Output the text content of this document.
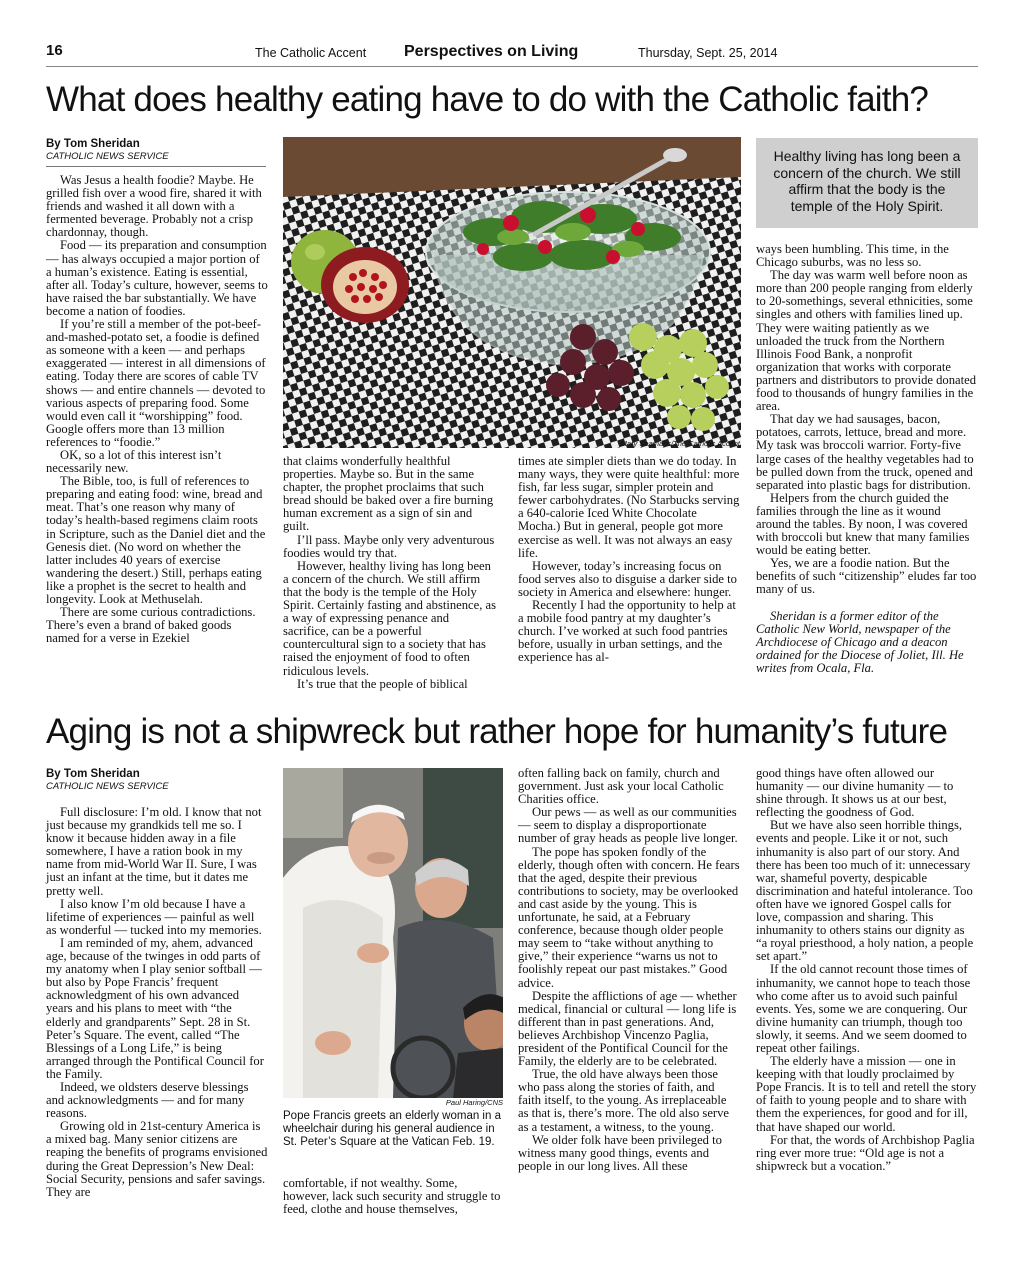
16	The Catholic Accent Perspectives on Living	Thursday, Sept. 25, 2014
What does healthy eating have to do with the Catholic faith?
By Tom Sheridan
CATHOLIC NEWS SERVICE

Was Jesus a health foodie? Maybe. He grilled fish over a wood fire, shared it with friends and washed it all down with a fermented beverage. Probably not a crisp chardonnay, though.

Food — its preparation and consumption — has always occupied a major portion of a human’s existence. Eating is essential, after all. Today’s culture, however, seems to have raised the bar substantially. We have become a nation of foodies.

If you’re still a member of the pot-beef-and-mashed-potato set, a foodie is defined as someone with a keen — and perhaps exaggerated — interest in all dimensions of eating. Today there are scores of cable TV shows — and entire channels — devoted to various aspects of preparing food. Some would even call it “worshipping” food. Google offers more than 13 million references to “foodie.”

OK, so a lot of this interest isn’t necessarily new.

The Bible, too, is full of references to preparing and eating food: wine, bread and meat. That’s one reason why many of today’s health-based regimens claim roots in Scripture, such as the Daniel diet and the Genesis diet. (No word on whether the latter includes 40 years of exercise wandering the desert.) Still, perhaps eating like a prophet is the secret to health and longevity. Look at Methuselah.

There are some curious contradictions. There’s even a brand of baked goods named for a verse in Ezekiel

Mary Seamans/The Catholic Accent

that claims wonderfully healthful properties. Maybe so. But in the same chapter, the prophet proclaims that such bread should be baked over a fire burning human excrement as a sign of sin and guilt.

I’ll pass. Maybe only very adventurous foodies would try that.

However, healthy living has long been a concern of the church. We still affirm that the body is the temple of the Holy Spirit. Certainly fasting and abstinence, as a way of expressing penance and sacrifice, can be a powerful countercultural sign to a society that has raised the enjoyment of food to often ridiculous levels.

It’s true that the people of biblical

times ate simpler diets than we do today. In many ways, they were quite healthful: more fish, far less sugar, simpler protein and fewer carbohydrates. (No Starbucks serving a 640-calorie Iced White Chocolate Mocha.) But in general, people got more exercise as well. It was not always an easy life.

However, today’s increasing focus on food serves also to disguise a darker side to society in America and elsewhere: hunger.

Recently I had the opportunity to help at a mobile food pantry at my daughter’s church. I’ve worked at such food pantries before, usually in urban settings, and the experience has al-

Healthy living has long been a concern of the church. We still affirm that the body is the temple of the Holy Spirit.

ways been humbling. This time, in the Chicago suburbs, was no less so.

The day was warm well before noon as more than 200 people ranging from elderly to 20-somethings, several ethnicities, some singles and others with families lined up. They were waiting patiently as we unloaded the truck from the Northern Illinois Food Bank, a nonprofit organization that works with corporate partners and distributors to provide donated food to thousands of hungry families in the area.

That day we had sausages, bacon, potatoes, carrots, lettuce, bread and more. My task was broccoli warrior. Forty-five large cases of the healthy vegetables had to be pulled down from the truck, opened and separated into plastic bags for distribution.

Helpers from the church guided the families through the line as it wound around the tables. By noon, I was covered with broccoli but knew that many families would be eating better.

Yes, we are a foodie nation. But the benefits of such “citizenship” eludes far too many of us.

Sheridan is a former editor of the Catholic New World, newspaper of the Archdiocese of Chicago and a deacon ordained for the Diocese of Joliet, Ill. He writes from Ocala, Fla.

Aging is not a shipwreck but rather hope for humanity’s future
By Tom Sheridan
CATHOLIC NEWS SERVICE

Full disclosure: I’m old. I know that not just because my grandkids tell me so. I know it because hidden away in a file somewhere, I have a ration book in my name from mid-World War II. Sure, I was just an infant at the time, but it dates me pretty well.

I also know I’m old because I have a lifetime of experiences — painful as well as wonderful — tucked into my memories.

I am reminded of my, ahem, advanced age, because of the twinges in odd parts of my anatomy when I play senior softball — but also by Pope Francis’ frequent acknowledgment of his own advanced years and his plans to meet with “the elderly and grandparents” Sept. 28 in St. Peter’s Square. The event, called “The Blessings of a Long Life,” is being arranged through the Pontifical Council for the Family.

Indeed, we oldsters deserve blessings and acknowledgments — and for many reasons.

Growing old in 21st-century America is a mixed bag. Many senior citizens are reaping the benefits of programs envisioned during the Great Depression’s New Deal: Social Security, pensions and safer savings. They are

Paul Haring/CNS
Pope Francis greets an elderly woman in a wheelchair during his general audience in St. Peter’s Square at the Vatican Feb. 19.

comfortable, if not wealthy. Some, however, lack such security and struggle to feed, clothe and house themselves,

often falling back on family, church and government. Just ask your local Catholic Charities office.

Our pews — as well as our communities — seem to display a disproportionate number of gray heads as people live longer.

The pope has spoken fondly of the elderly, though often with concern. He fears that the aged, despite their previous contributions to society, may be overlooked and cast aside by the young. This is unfortunate, he said, at a February conference, because though older people may seem to “take without anything to give,” their experience “warns us not to foolishly repeat our past mistakes.” Good advice.

Despite the afflictions of age — whether medical, financial or cultural — long life is different than in past generations. And, believes Archbishop Vincenzo Paglia, president of the Pontifical Council for the Family, the elderly are to be celebrated.

True, the old have always been those who pass along the stories of faith, and faith itself, to the young. As irreplaceable as that is, there’s more. The old also serve as a testament, a witness, to the young.

We older folk have been privileged to witness many good things, events and people in our long lives. All these

good things have often allowed our humanity — our divine humanity — to shine through. It shows us at our best, reflecting the goodness of God.

But we have also seen horrible things, events and people. Like it or not, such inhumanity is also part of our story. And there has been too much of it: unnecessary war, shameful poverty, despicable discrimination and hateful intolerance. Too often have we ignored Gospel calls for love, compassion and sharing. This inhumanity to others stains our dignity as “a royal priesthood, a holy nation, a people set apart.”

If the old cannot recount those times of inhumanity, we cannot hope to teach those who come after us to avoid such painful events. Yes, some we are conquering. Our divine humanity can triumph, though too slowly, it seems. And we seem doomed to repeat other failings.

The elderly have a mission — one in keeping with that loudly proclaimed by Pope Francis. It is to tell and retell the story of faith to young people and to share with them the experiences, for good and for ill, that have shaped our world.

For that, the words of Archbishop Paglia ring ever more true: “Old age is not a shipwreck but a vocation.”
